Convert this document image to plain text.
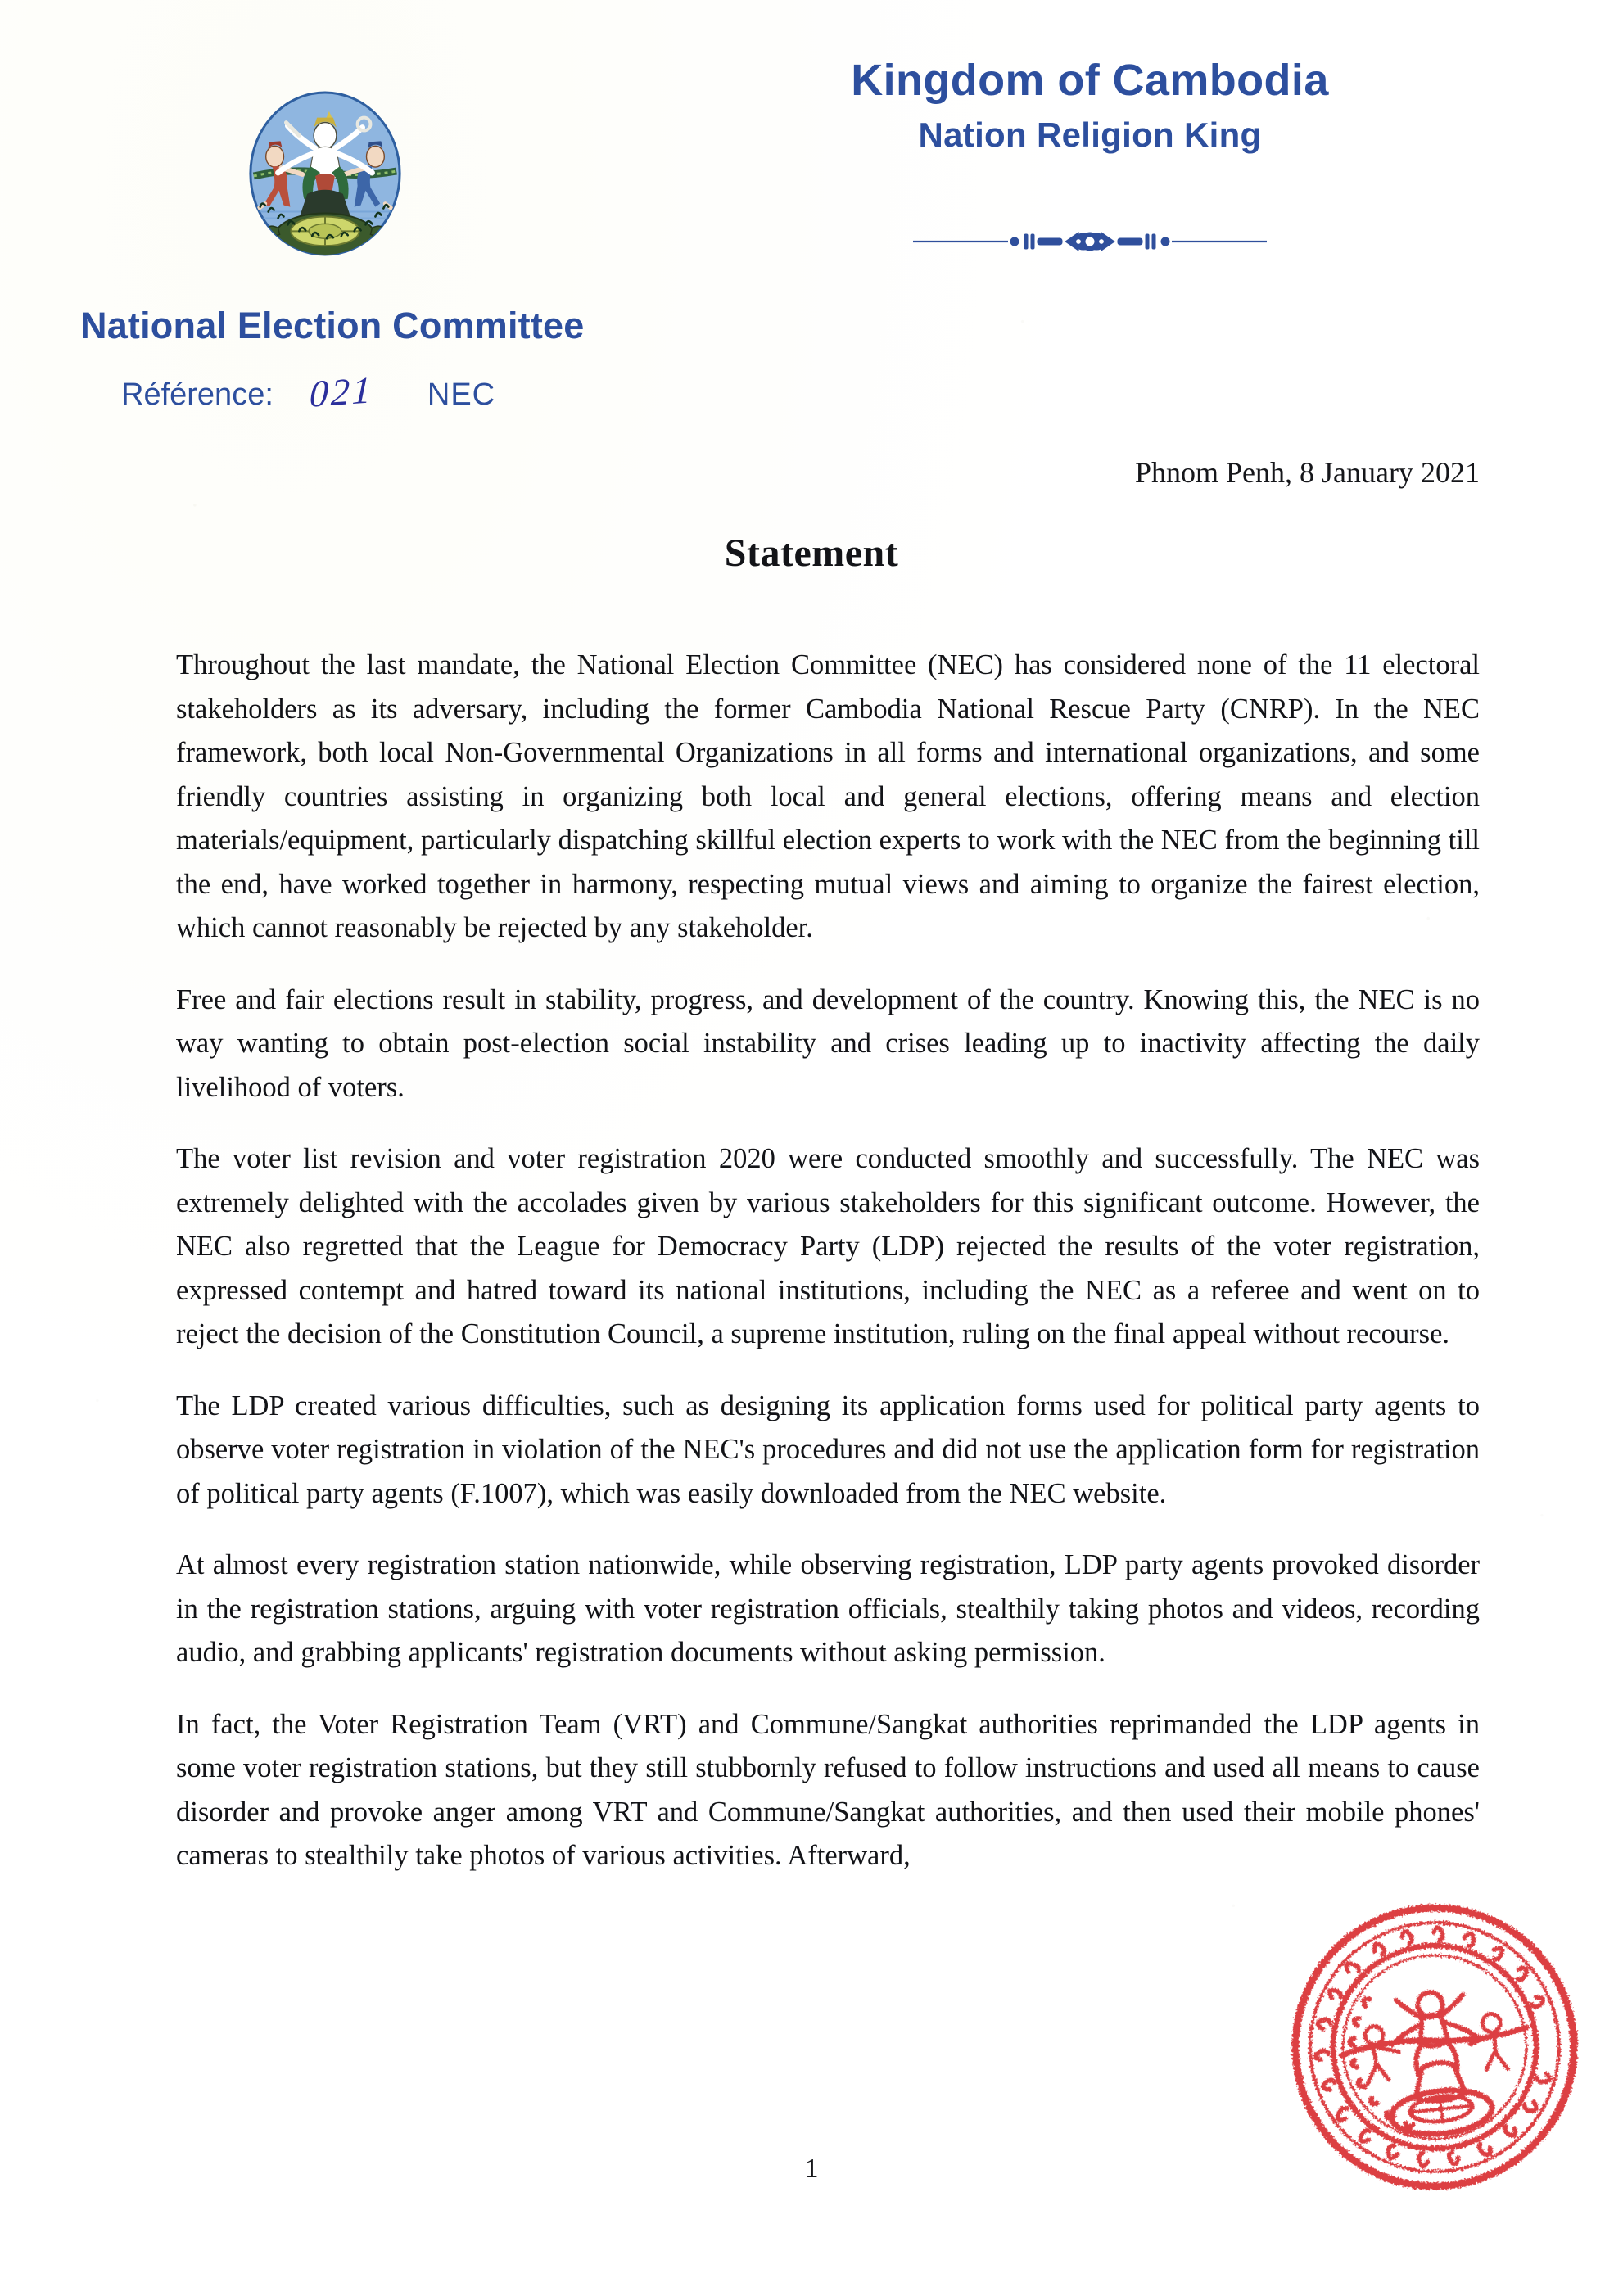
National Election Committee
Référence: 021 NEC
Kingdom of Cambodia
Nation Religion King
Phnom Penh, 8 January 2021
Statement

Throughout the last mandate, the National Election Committee (NEC) has considered none of the 11 electoral stakeholders as its adversary, including the former Cambodia National Rescue Party (CNRP). In the NEC framework, both local Non-Governmental Organizations in all forms and international organizations, and some friendly countries assisting in organizing both local and general elections, offering means and election materials/equipment, particularly dispatching skillful election experts to work with the NEC from the beginning till the end, have worked together in harmony, respecting mutual views and aiming to organize the fairest election, which cannot reasonably be rejected by any stakeholder.

Free and fair elections result in stability, progress, and development of the country. Knowing this, the NEC is no way wanting to obtain post-election social instability and crises leading up to inactivity affecting the daily livelihood of voters.

The voter list revision and voter registration 2020 were conducted smoothly and successfully. The NEC was extremely delighted with the accolades given by various stakeholders for this significant outcome. However, the NEC also regretted that the League for Democracy Party (LDP) rejected the results of the voter registration, expressed contempt and hatred toward its national institutions, including the NEC as a referee and went on to reject the decision of the Constitution Council, a supreme institution, ruling on the final appeal without recourse.

The LDP created various difficulties, such as designing its application forms used for political party agents to observe voter registration in violation of the NEC's procedures and did not use the application form for registration of political party agents (F.1007), which was easily downloaded from the NEC website.

At almost every registration station nationwide, while observing registration, LDP party agents provoked disorder in the registration stations, arguing with voter registration officials, stealthily taking photos and videos, recording audio, and grabbing applicants' registration documents without asking permission.

In fact, the Voter Registration Team (VRT) and Commune/Sangkat authorities reprimanded the LDP agents in some voter registration stations, but they still stubbornly refused to follow instructions and used all means to cause disorder and provoke anger among VRT and Commune/Sangkat authorities, and then used their mobile phones' cameras to stealthily take photos of various activities. Afterward,

1
